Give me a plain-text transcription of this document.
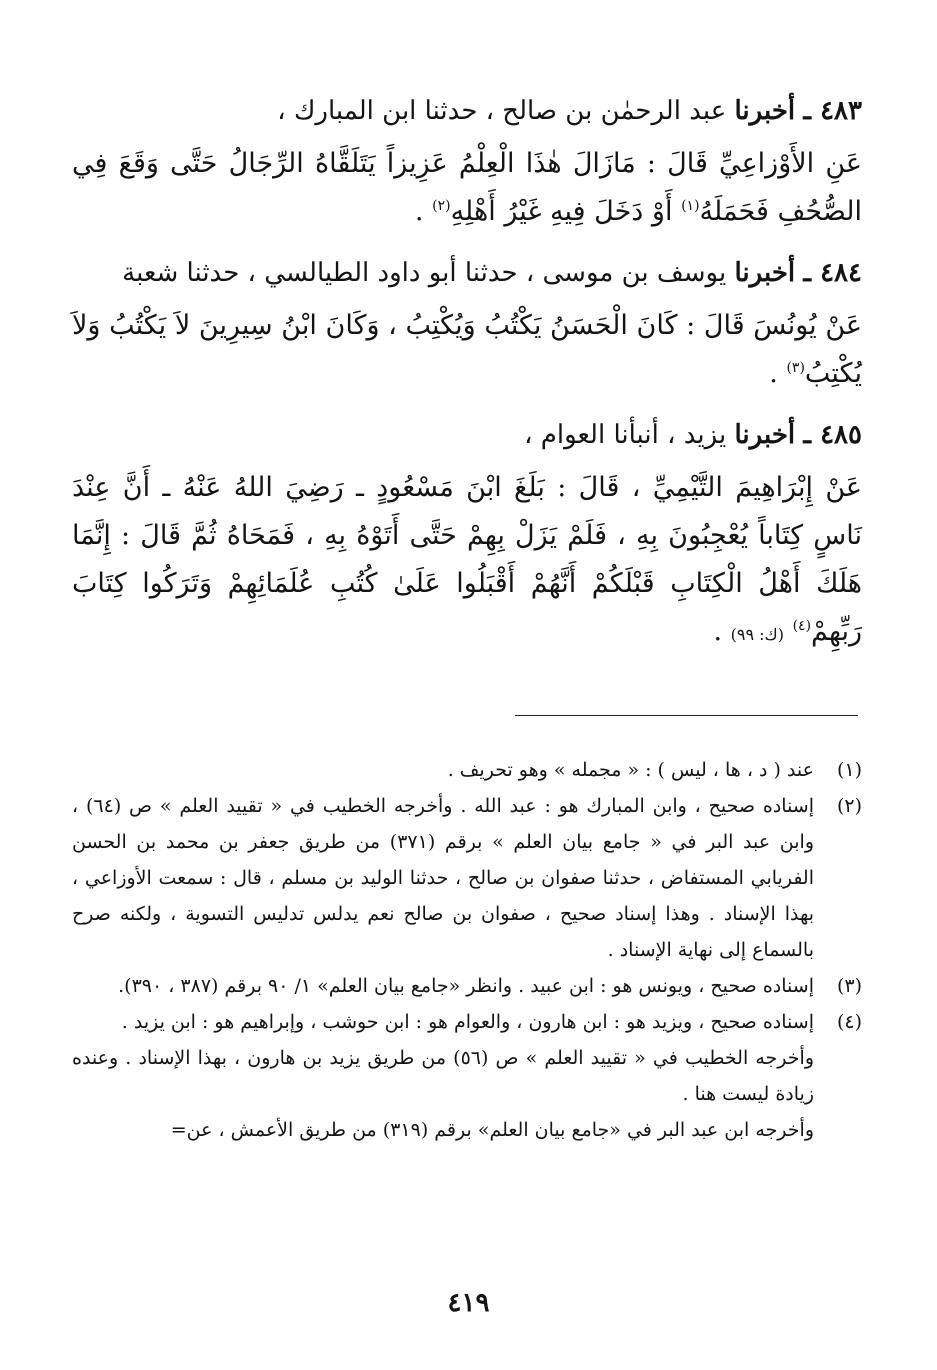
٤٨٣ ـ أخبرنا عبد الرحمٰن بن صالح ، حدثنا ابن المبارك ،

عَنِ الأَوْزاعِيِّ قَالَ : مَازَالَ هٰذَا الْعِلْمُ عَزِيزاً يَتَلَقَّاهُ الرِّجَالُ حَتَّى وَقَعَ فِي الصُّحُفِ فَحَمَلَهُ$^{(١)}$ أَوْ دَخَلَ فِيهِ غَيْرُ أَهْلِهِ$^{(٢)}$ .

٤٨٤ ـ أخبرنا يوسف بن موسى ، حدثنا أبو داود الطيالسي ، حدثنا شعبة

عَنْ يُونُسَ قَالَ : كَانَ الْحَسَنُ يَكْتُبُ وَيُكْتِبُ ، وَكَانَ ابْنُ سِيرِينَ لاَ يَكْتُبُ وَلاَ يُكْتِبُ$^{(٣)}$ .

٤٨٥ ـ أخبرنا يزيد ، أنبأنا العوام ،

عَنْ إِبْرَاهِيمَ التَّيْمِيِّ ، قَالَ : بَلَغَ ابْنَ مَسْعُودٍ ـ رَضِيَ اللهُ عَنْهُ ـ أَنَّ عِنْدَ نَاسٍ كِتَاباً يُعْجِبُونَ بِهِ ، فَلَمْ يَزَلْ بِهِمْ حَتَّى أَتَوْهُ بِهِ ، فَمَحَاهُ ثُمَّ قَالَ : إِنَّمَا هَلَكَ أَهْلُ الْكِتَابِ قَبْلَكُمْ أَنَّهُمْ أَقْبَلُوا عَلَىٰ كُتُبِ عُلَمَائِهِمْ وَتَرَكُوا كِتَابَ رَبِّهِمْ$^{(٤)}$ (ك: ٩٩) .

(١)

عند ( د ، ها ، ليس ) : « مجمله » وهو تحريف .

(٢)

إسناده صحيح ، وابن المبارك هو : عبد الله . وأخرجه الخطيب في « تقييد العلم » ص (٦٤) ، وابن عبد البر في « جامع بيان العلم » برقم (٣٧١) من طريق جعفر بن محمد بن الحسن الفريابي المستفاض ، حدثنا صفوان بن صالح ، حدثنا الوليد بن مسلم ، قال : سمعت الأوزاعي ، بهذا الإسناد . وهذا إسناد صحيح ، صفوان بن صالح نعم يدلس تدليس التسوية ، ولكنه صرح بالسماع إلى نهاية الإسناد .

(٣)

إسناده صحيح ، ويونس هو : ابن عبيد . وانظر «جامع بيان العلم» ١/ ٩٠ برقم (٣٨٧ ، ٣٩٠).

(٤)

إسناده صحيح ، ويزيد هو : ابن هارون ، والعوام هو : ابن حوشب ، وإبراهيم هو : ابن يزيد .

وأخرجه الخطيب في « تقييد العلم » ص (٥٦) من طريق يزيد بن هارون ، بهذا الإسناد . وعنده زيادة ليست هنا .

وأخرجه ابن عبد البر في «جامع بيان العلم» برقم (٣١٩) من طريق الأعمش ، عن=

٤١٩
